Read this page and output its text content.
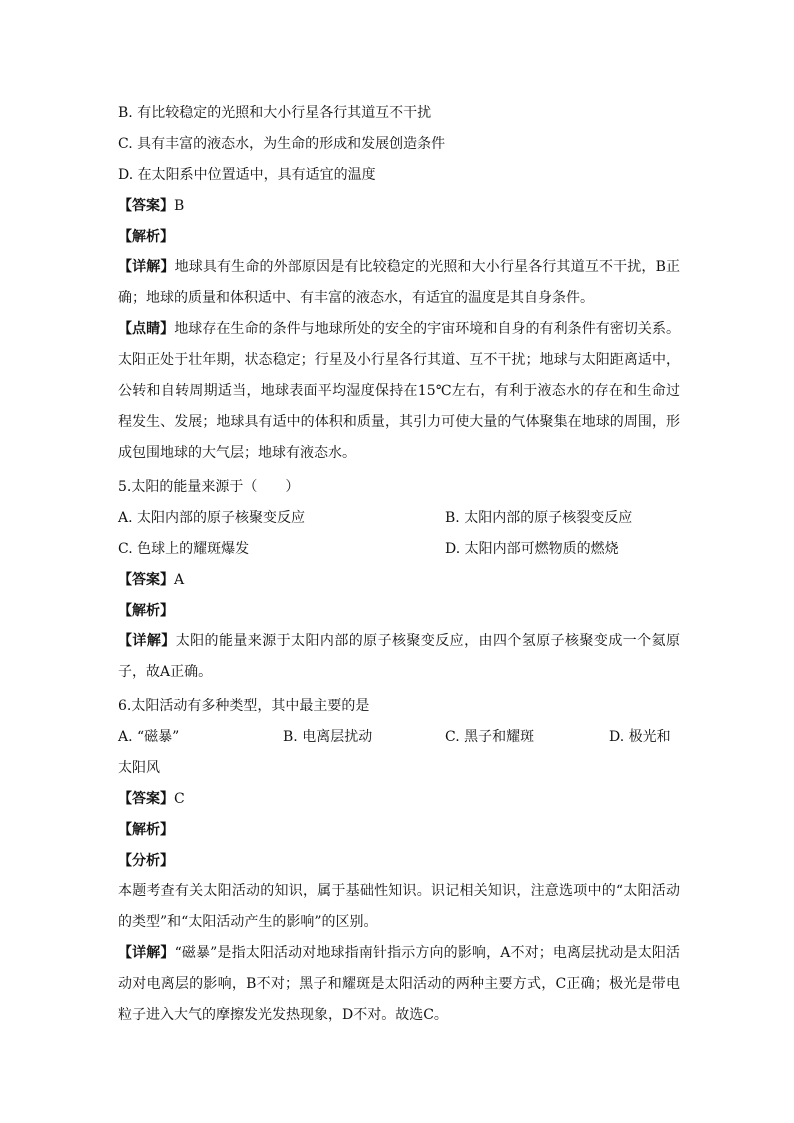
B. 有比较稳定的光照和大小行星各行其道互不干扰
C. 具有丰富的液态水，为生命的形成和发展创造条件
D. 在太阳系中位置适中，具有适宜的温度
【答案】B
【解析】
【详解】地球具有生命的外部原因是有比较稳定的光照和大小行星各行其道互不干扰，B正确；地球的质量和体积适中、有丰富的液态水，有适宜的温度是其自身条件。
【点睛】地球存在生命的条件与地球所处的安全的宇宙环境和自身的有利条件有密切关系。太阳正处于壮年期，状态稳定；行星及小行星各行其道、互不干扰；地球与太阳距离适中，公转和自转周期适当，地球表面平均湿度保持在15℃左右，有利于液态水的存在和生命过程发生、发展；地球具有适中的体积和质量，其引力可使大量的气体聚集在地球的周围，形成包围地球的大气层；地球有液态水。
5.太阳的能量来源于（　　）
A. 太阳内部的原子核聚变反应	B. 太阳内部的原子核裂变反应
C. 色球上的耀斑爆发	D. 太阳内部可燃物质的燃烧
【答案】A
【解析】
【详解】太阳的能量来源于太阳内部的原子核聚变反应，由四个氢原子核聚变成一个氦原子，故A正确。
6.太阳活动有多种类型，其中最主要的是
A. “磁暴”	B. 电离层扰动	C. 黑子和耀斑	D. 极光和
太阳风
【答案】C
【解析】
【分析】
本题考查有关太阳活动的知识，属于基础性知识。识记相关知识，注意选项中的“太阳活动的类型”和“太阳活动产生的影响”的区别。
【详解】“磁暴”是指太阳活动对地球指南针指示方向的影响，A不对；电离层扰动是太阳活动对电离层的影响，B不对；黑子和耀斑是太阳活动的两种主要方式，C正确；极光是带电粒子进入大气的摩擦发光发热现象，D不对。故选C。
